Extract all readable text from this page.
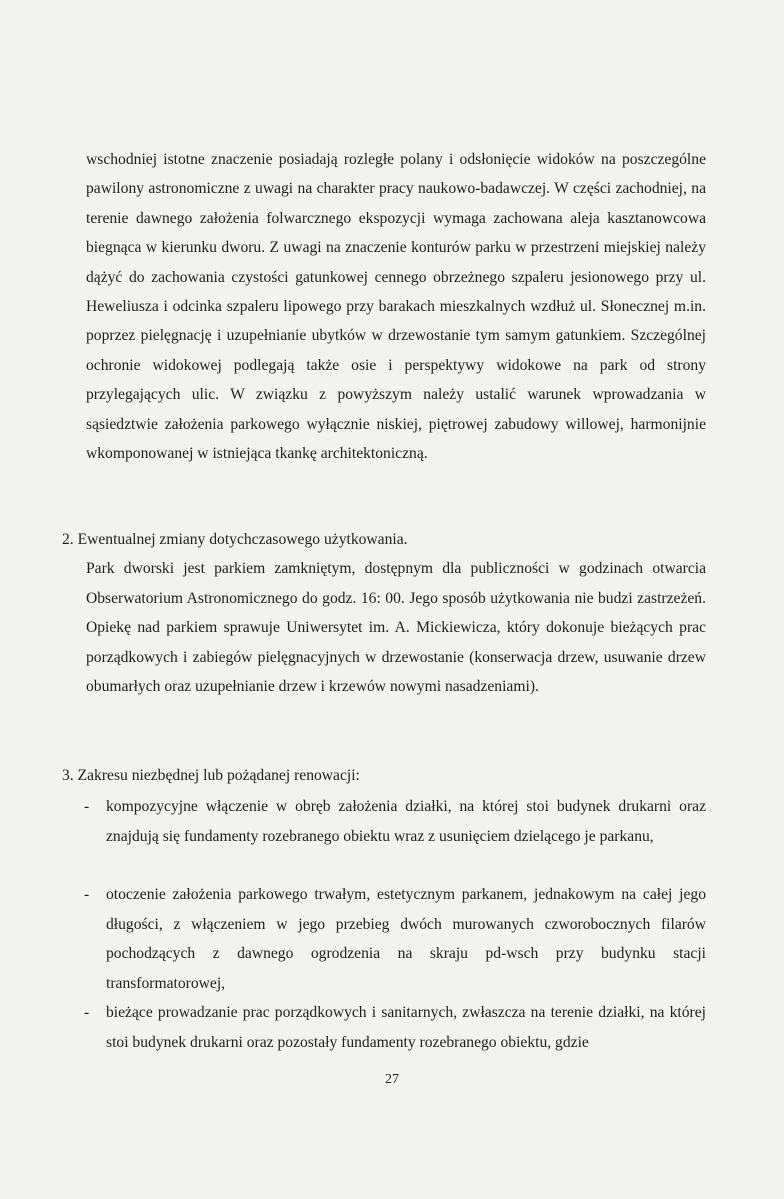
wschodniej istotne znaczenie posiadają rozległe polany i odsłonięcie widoków na poszczególne pawilony astronomiczne z uwagi na charakter pracy naukowo-badawczej. W części zachodniej, na terenie dawnego założenia folwarcznego ekspozycji wymaga zachowana aleja kasztanowcowa biegnąca w kierunku dworu. Z uwagi na znaczenie konturów parku w przestrzeni miejskiej należy dążyć do zachowania czystości gatunkowej cennego obrzeżnego szpaleru jesionowego przy ul. Heweliusza i odcinka szpaleru lipowego przy barakach mieszkalnych wzdłuż ul. Słonecznej m.in. poprzez pielęgnację i uzupełnianie ubytków w drzewostanie tym samym gatunkiem. Szczególnej ochronie widokowej podlegają także osie i perspektywy widokowe na park od strony przylegających ulic. W związku z powyższym należy ustalić warunek wprowadzania w sąsiedztwie założenia parkowego wyłącznie niskiej, piętrowej zabudowy willowej, harmonijnie wkomponowanej w istniejąca tkankę architektoniczną.

2. Ewentualnej zmiany dotychczasowego użytkowania.

Park dworski jest parkiem zamkniętym, dostępnym dla publiczności w godzinach otwarcia Obserwatorium Astronomicznego do godz. 16: 00. Jego sposób użytkowania nie budzi zastrzeżeń. Opiekę nad parkiem sprawuje Uniwersytet im. A. Mickiewicza, który dokonuje bieżących prac porządkowych i zabiegów pielęgnacyjnych w drzewostanie (konserwacja drzew, usuwanie drzew obumarłych oraz uzupełnianie drzew i krzewów nowymi nasadzeniami).

3. Zakresu niezbędnej lub pożądanej renowacji:

- kompozycyjne włączenie w obręb założenia działki, na której stoi budynek drukarni oraz znajdują się fundamenty rozebranego obiektu wraz z usunięciem dzielącego je parkanu,
- otoczenie założenia parkowego trwałym, estetycznym parkanem, jednakowym na całej jego długości, z włączeniem w jego przebieg dwóch murowanych czworobocznych filarów pochodzących z dawnego ogrodzenia na skraju pd-wsch przy budynku stacji transformatorowej,
- bieżące prowadzanie prac porządkowych i sanitarnych, zwłaszcza na terenie działki, na której stoi budynek drukarni oraz pozostały fundamenty rozebranego obiektu, gdzie
27
